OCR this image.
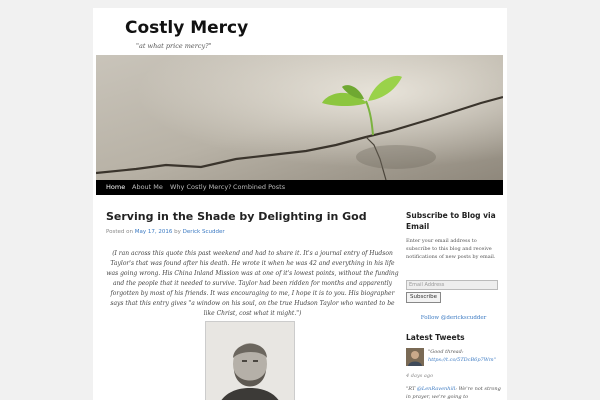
Costly Mercy
"at what price mercy?"
Home About Me Why Costly Mercy? Combined Posts
Serving in the Shade by Delighting in God
Posted on May 17, 2016 by Derick Scudder
(I ran across this quote this past weekend and had to share it. It's a journal entry of Hudson Taylor's that was found after his death. He wrote it when he was 42 and everything in his life was going wrong. His China Inland Mission was at one of it's lowest points, without the funding and the people that it needed to survive. Taylor had been ridden for months and apparently forgotten by most of his friends. It was encouraging to me, I hope it is to you. His biographer says that this entry gives "a window on his soul, on the true Hudson Taylor who wanted to be like Christ, cost what it might.")
Subscribe to Blog via Email
Enter your email address to subscribe to this blog and receive notifications of new posts by email.
Email Address
Subscribe
Follow @derickscudder
Latest Tweets
"Good thread: https://t.co/5TDcB6p7Wm"
4 days ago
"RT @LenRavenhill: We're not strong in prayer, we're going to
